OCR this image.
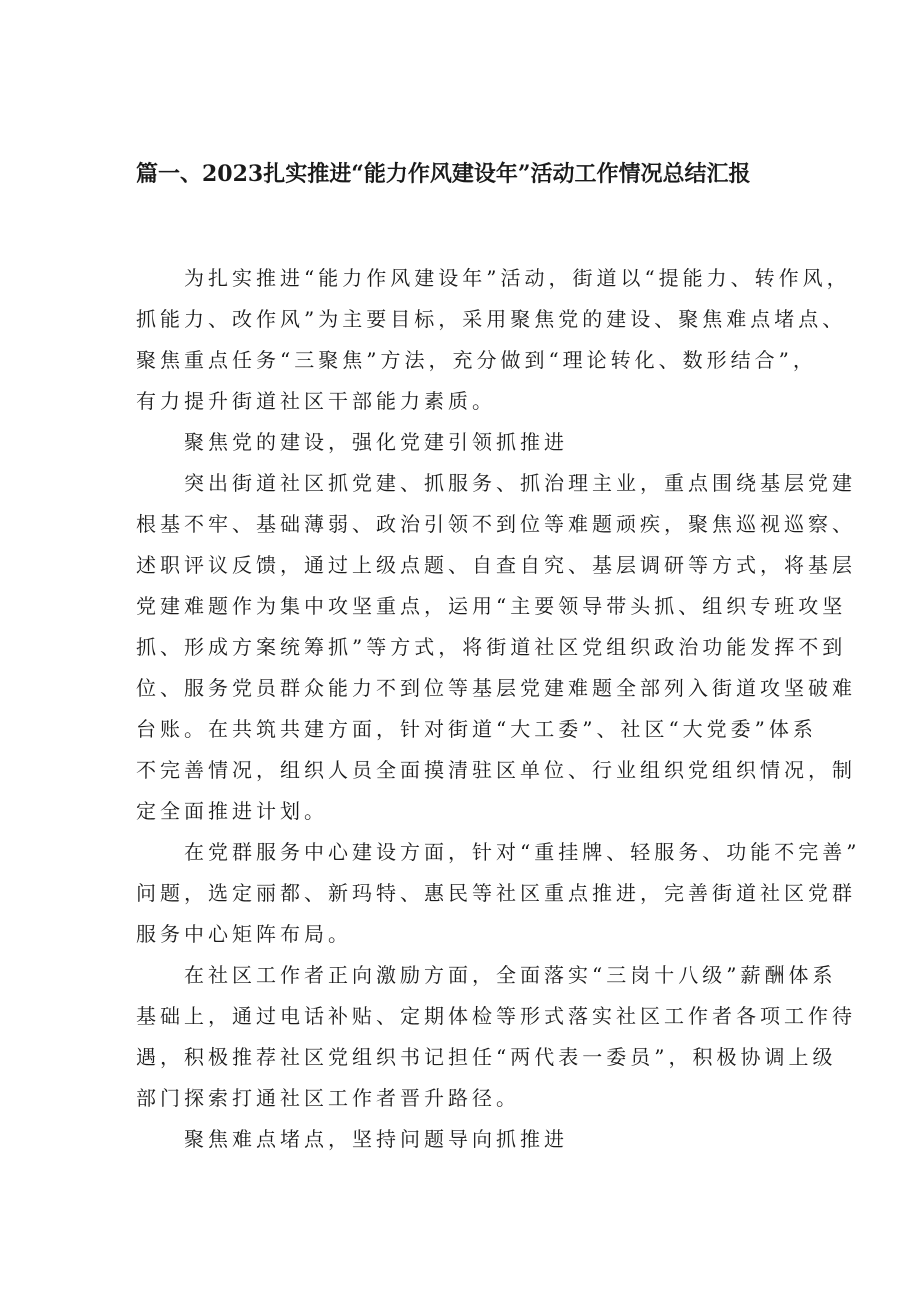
篇一、2023扎实推进“能力作风建设年”活动工作情况总结汇报
为扎实推进“能力作风建设年”活动，街道以“提能力、转作风，
抓能力、改作风”为主要目标，采用聚焦党的建设、聚焦难点堵点、
聚焦重点任务“三聚焦”方法，充分做到“理论转化、数形结合”，
有力提升街道社区干部能力素质。
聚焦党的建设，强化党建引领抓推进
突出街道社区抓党建、抓服务、抓治理主业，重点围绕基层党建
根基不牢、基础薄弱、政治引领不到位等难题顽疾，聚焦巡视巡察、
述职评议反馈，通过上级点题、自查自究、基层调研等方式，将基层
党建难题作为集中攻坚重点，运用“主要领导带头抓、组织专班攻坚
抓、形成方案统筹抓”等方式，将街道社区党组织政治功能发挥不到
位、服务党员群众能力不到位等基层党建难题全部列入街道攻坚破难
台账。在共筑共建方面，针对街道“大工委”、社区“大党委”体系
不完善情况，组织人员全面摸清驻区单位、行业组织党组织情况，制
定全面推进计划。
在党群服务中心建设方面，针对“重挂牌、轻服务、功能不完善”
问题，选定丽都、新玛特、惠民等社区重点推进，完善街道社区党群
服务中心矩阵布局。
在社区工作者正向激励方面，全面落实“三岗十八级”薪酬体系
基础上，通过电话补贴、定期体检等形式落实社区工作者各项工作待
遇，积极推荐社区党组织书记担任“两代表一委员”，积极协调上级
部门探索打通社区工作者晋升路径。
聚焦难点堵点，坚持问题导向抓推进
